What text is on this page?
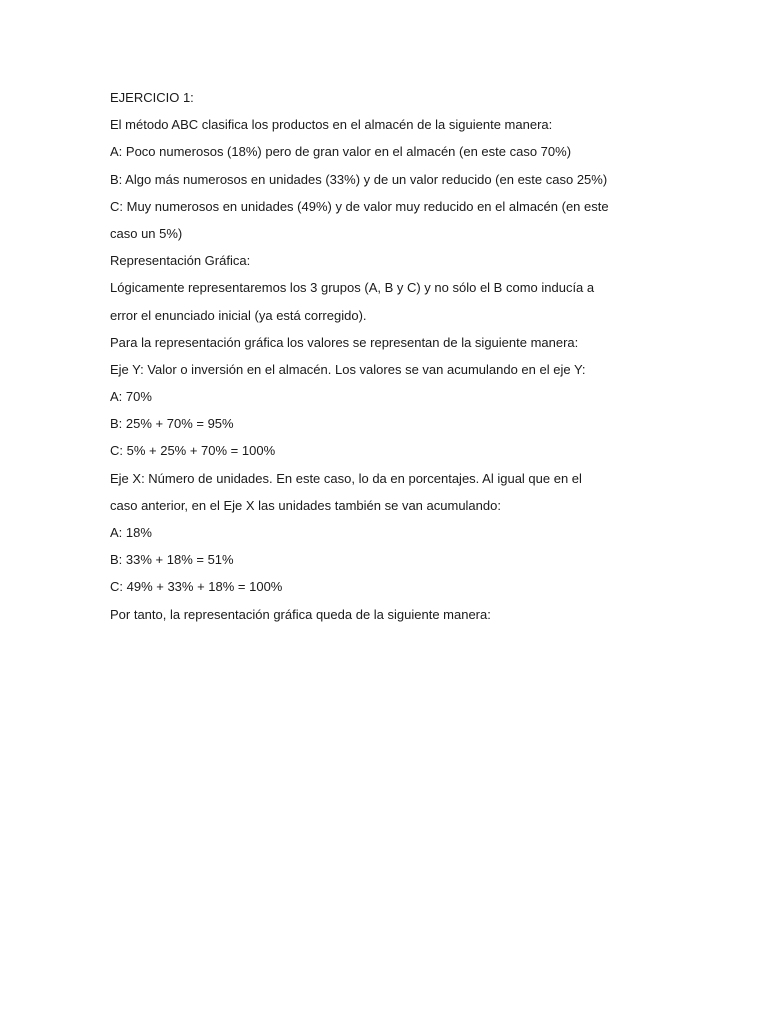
EJERCICIO 1:
El método ABC clasifica los productos en el almacén de la siguiente manera:
A: Poco numerosos (18%) pero de gran valor en el almacén (en este caso 70%)
B: Algo más numerosos en unidades (33%) y de un valor reducido (en este caso 25%)
C: Muy numerosos en unidades (49%) y de valor muy reducido en el almacén (en este
caso un 5%)
Representación Gráfica:
Lógicamente representaremos los 3 grupos (A, B y C) y no sólo el B como inducía a
error el enunciado inicial (ya está corregido).
Para la representación gráfica los valores se representan de la siguiente manera:
Eje Y: Valor o inversión en el almacén. Los valores se van acumulando en el eje Y:
A: 70%
B: 25% + 70% = 95%
C: 5% + 25% + 70% = 100%
Eje X: Número de unidades. En este caso, lo da en porcentajes. Al igual que en el
caso anterior, en el Eje X las unidades también se van acumulando:
A: 18%
B: 33% + 18% = 51%
C: 49% + 33% + 18% = 100%
Por tanto, la representación gráfica queda de la siguiente manera:
